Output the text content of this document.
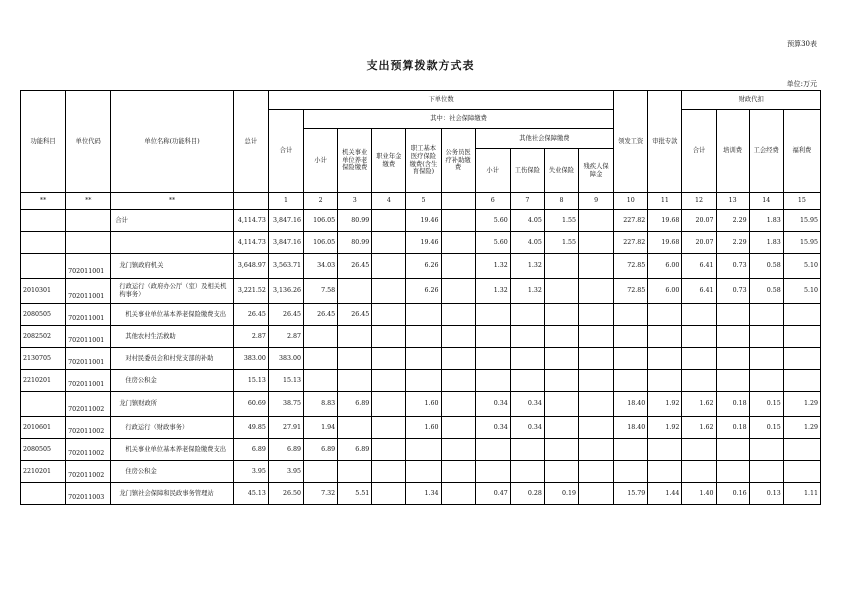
预算30表
支出预算拨款方式表
单位:万元
功能科目	单位代码	单位名称(功能科目)	总计	下单位数										领发工资	审批专款	财政代扣			
				合计	其中：社会保障缴费											合计	培训费	工会经费	福利费
					小计	机关事业单位养老保险缴费	职业年金缴费	职工基本医疗保险缴费(含生育保险)	公务员医疗补助缴费	其他社会保障缴费									
										小计	工伤保险	失业保险	残疾人保障金						
**	**	**		1	2	3	4	5		6	7	8	9	10	11	12	13	14	15
		合计	4,114.73	3,847.16	106.05	80.99		19.46		5.60	4.05	1.55		227.82	19.68	20.07	2.29	1.83	15.95
			4,114.73	3,847.16	106.05	80.99		19.46		5.60	4.05	1.55		227.82	19.68	20.07	2.29	1.83	15.95
	702011001	龙门镇政府机关	3,648.97	3,563.71	34.03	26.45		6.26		1.32	1.32			72.85	6.00	6.41	0.73	0.58	5.10
2010301	702011001	行政运行（政府办公厅（室）及相关机构事务）	3,221.52	3,136.26	7.58			6.26		1.32	1.32			72.85	6.00	6.41	0.73	0.58	5.10
2080505	702011001	机关事业单位基本养老保险缴费支出	26.45	26.45	26.45	26.45													
2082502	702011001	其他农村生活救助	2.87	2.87															
2130705	702011001	对村民委员会和村党支部的补助	383.00	383.00															
2210201	702011001	住房公积金	15.13	15.13															
	702011002	龙门镇财政所	60.69	38.75	8.83	6.89		1.60		0.34	0.34			18.40	1.92	1.62	0.18	0.15	1.29
2010601	702011002	行政运行（财政事务）	49.85	27.91	1.94			1.60		0.34	0.34			18.40	1.92	1.62	0.18	0.15	1.29
2080505	702011002	机关事业单位基本养老保险缴费支出	6.89	6.89	6.89	6.89													
2210201	702011002	住房公积金	3.95	3.95															
	702011003	龙门镇社会保障和民政事务管理站	45.13	26.50	7.32	5.51		1.34		0.47	0.28	0.19		15.79	1.44	1.40	0.16	0.13	1.11
